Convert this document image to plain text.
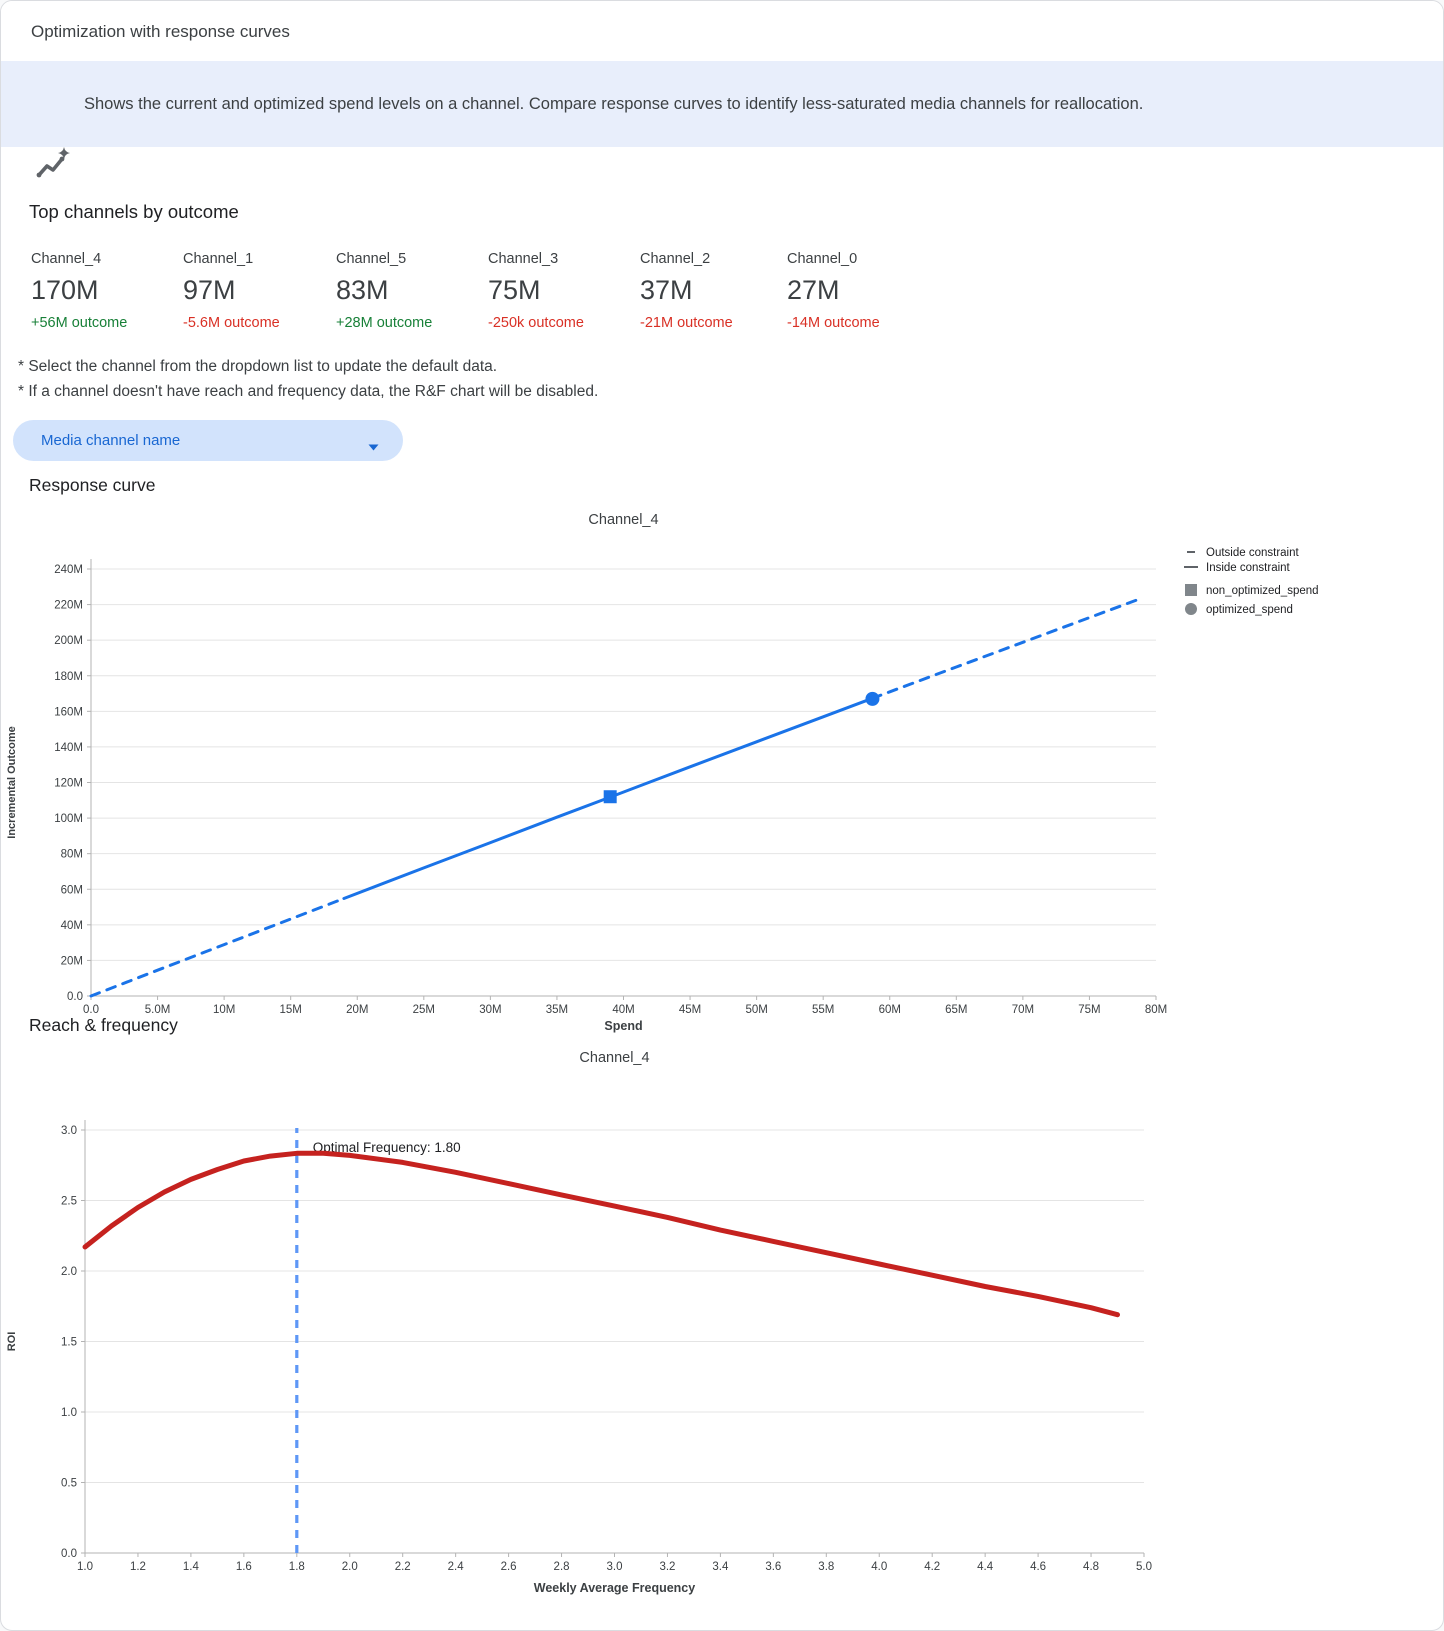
Optimization with response curves
Shows the current and optimized spend levels on a channel. Compare response curves to identify less-saturated media channels for reallocation.
Top channels by outcome
Channel_4
170M
+56M outcome
Channel_1
97M
-5.6M outcome
Channel_5
83M
+28M outcome
Channel_3
75M
-250k outcome
Channel_2
37M
-21M outcome
Channel_0
27M
-14M outcome
* Select the channel from the dropdown list to update the default data.
* If a channel doesn't have reach and frequency data, the R&F chart will be disabled.
Media channel name
Response curve
0.0
20M
40M
60M
80M
100M
120M
140M
160M
180M
200M
220M
240M
0.0	5.0M	10M	15M	20M	25M	30M	35M	40M	45M	50M	55M	60M	65M	70M	75M	80M
Channel_4
Spend
Incremental Outcome
Outside constraint
Inside constraint
non_optimized_spend
optimized_spend
Reach & frequency
0.0
0.5
1.0
1.5
2.0
2.5
3.0
1.0	1.2	1.4	1.6	1.8	2.0	2.2	2.4	2.6	2.8	3.0	3.2	3.4	3.6	3.8	4.0	4.2	4.4	4.6	4.8	5.0
Channel_4
Weekly Average Frequency
ROI
Optimal Frequency: 1.80
